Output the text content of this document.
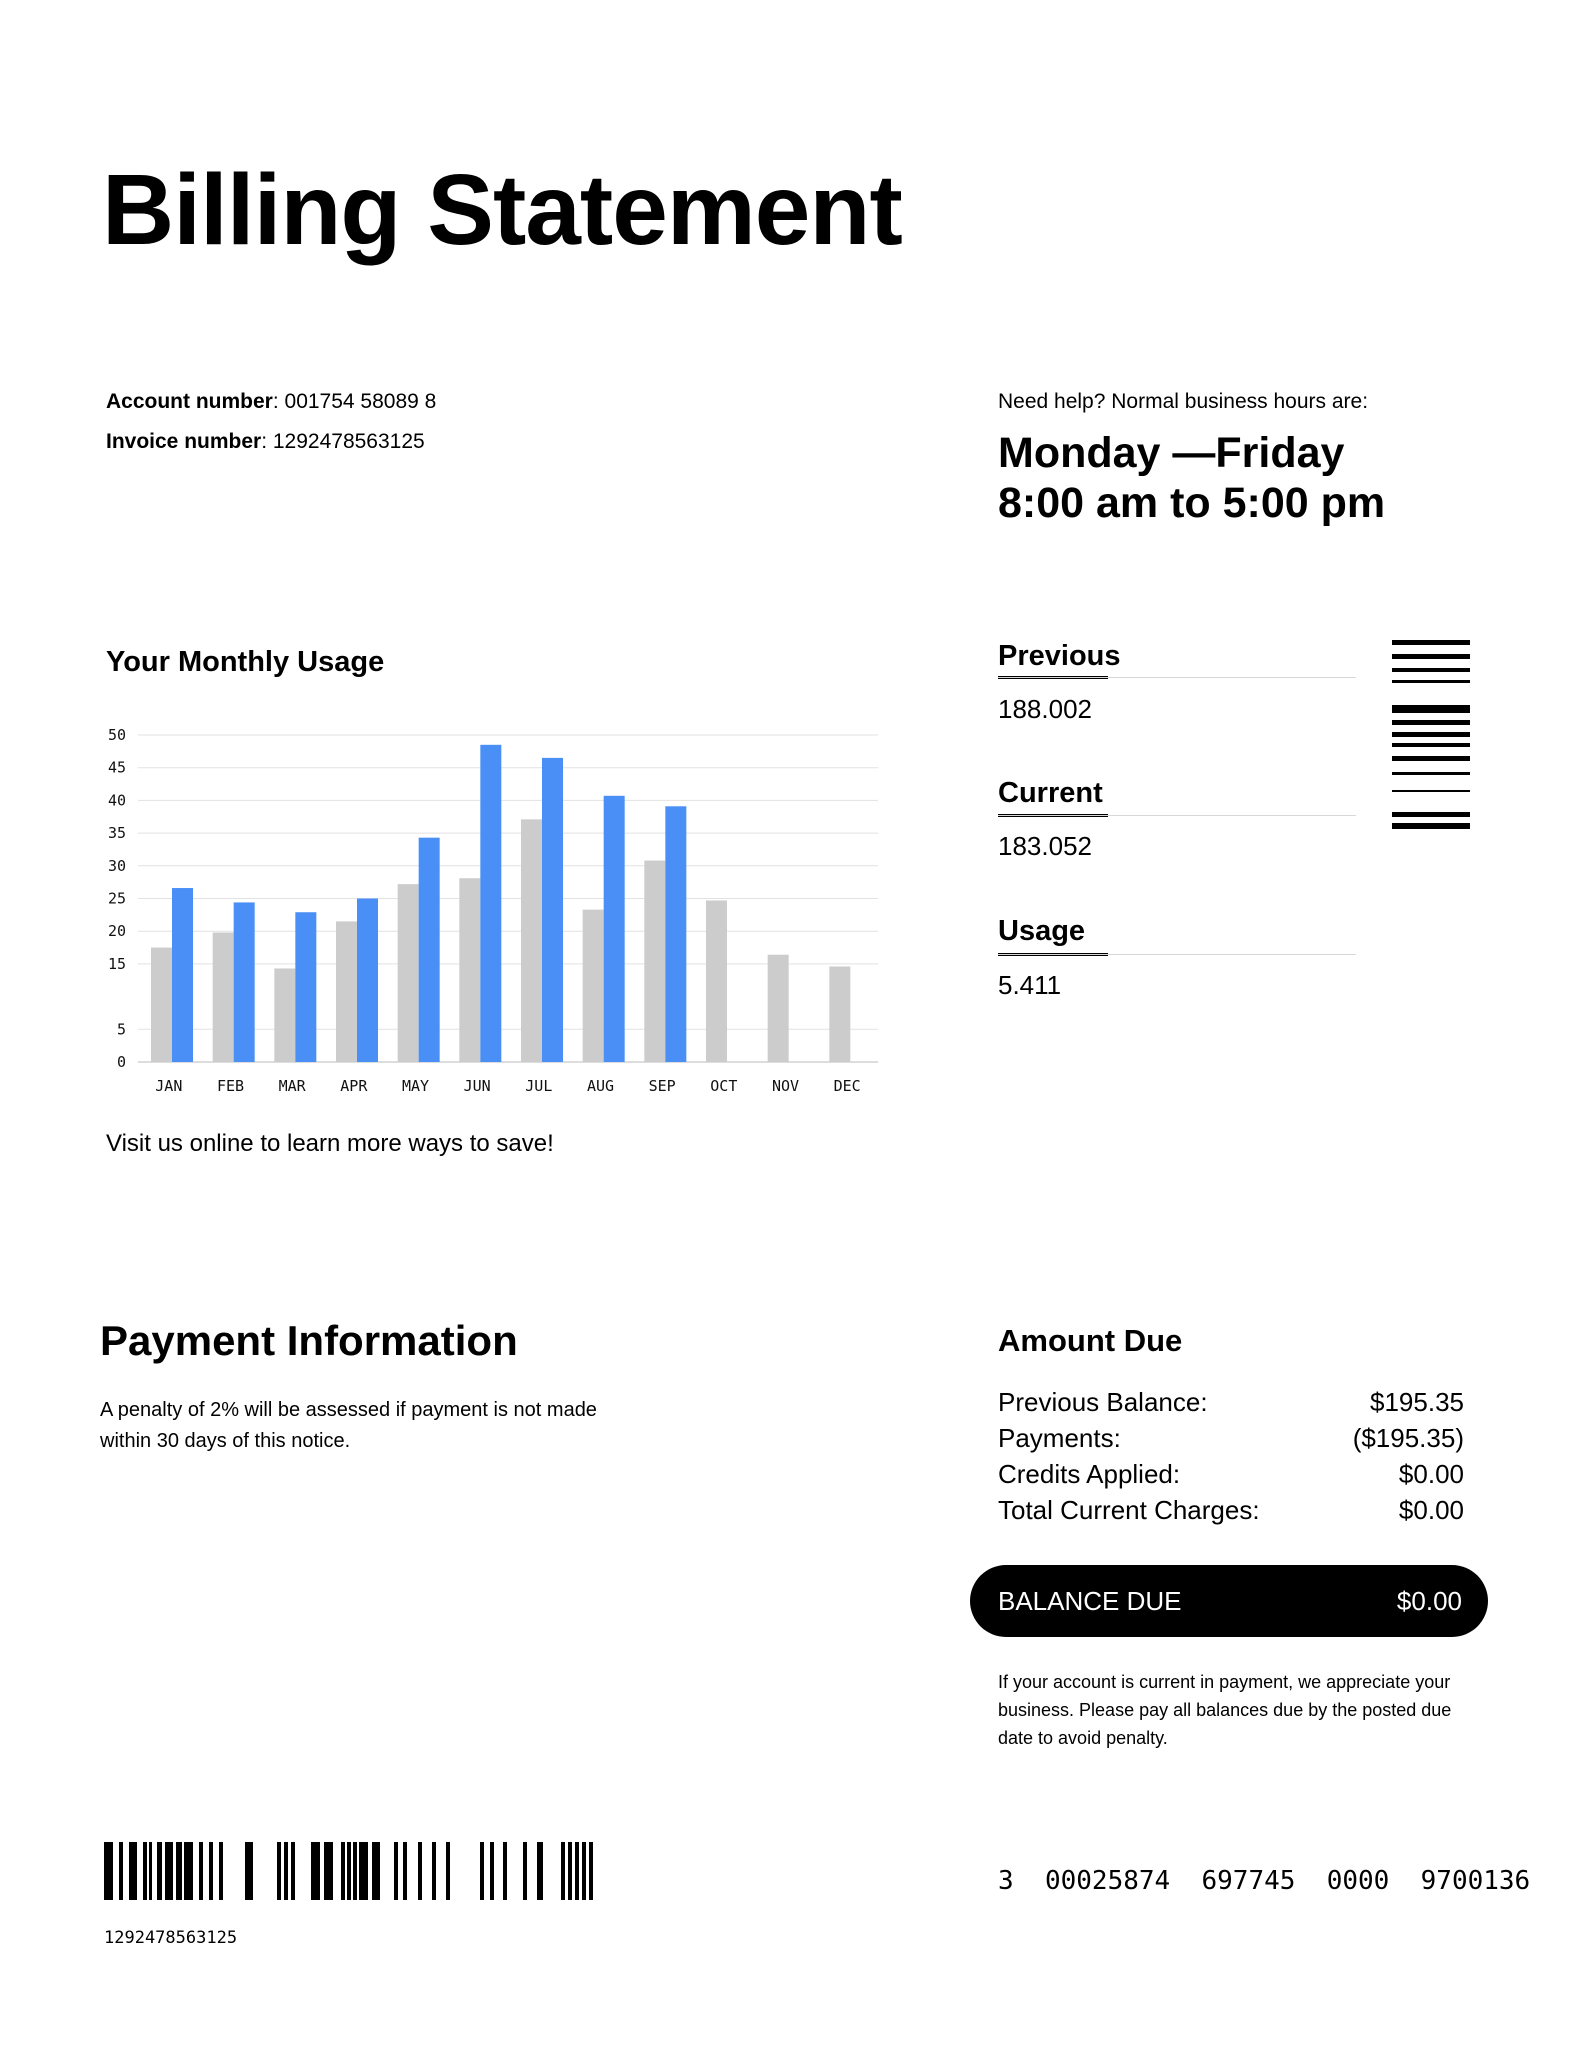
Billing Statement
Account number: 001754 58089 8
Invoice number: 1292478563125
Need help? Normal business hours are:
Monday —Friday
8:00 am to 5:00 pm
Your Monthly Usage
0
5
15
20
25
30
35
40
45
50
JAN FEB MAR APR MAY JUN JUL AUG SEP OCT NOV DEC
Visit us online to learn more ways to save!
Previous
188.002
Current
183.052
Usage
5.411
Payment Information
A penalty of 2% will be assessed if payment is not made within 30 days of this notice.
Amount Due
Previous Balance:	$195.35
Payments:	($195.35)
Credits Applied:	$0.00
Total Current Charges:	$0.00
BALANCE DUE	$0.00
If your account is current in payment, we appreciate your business. Please pay all balances due by the posted due date to avoid penalty.
1292478563125
3  00025874  697745  0000  9700136
